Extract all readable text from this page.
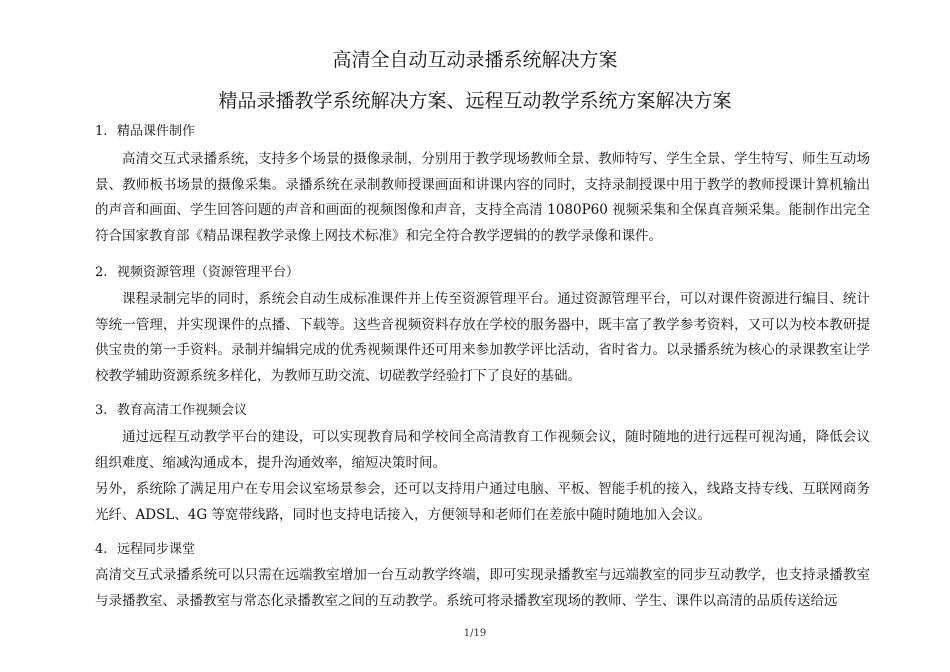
高清全自动互动录播系统解决方案
精品录播教学系统解决方案、远程互动教学系统方案解决方案
1. 精品课件制作
高清交互式录播系统，支持多个场景的摄像录制，分别用于教学现场教师全景、教师特写、学生全景、学生特写、师生互动场景、教师板书场景的摄像采集。录播系统在录制教师授课画面和讲课内容的同时，支持录制授课中用于教学的教师授课计算机输出的声音和画面、学生回答问题的声音和画面的视频图像和声音，支持全高清 1080P60 视频采集和全保真音频采集。能制作出完全符合国家教育部《精品课程教学录像上网技术标准》和完全符合教学逻辑的的教学录像和课件。
2. 视频资源管理（资源管理平台）
课程录制完毕的同时，系统会自动生成标准课件并上传至资源管理平台。通过资源管理平台，可以对课件资源进行编目、统计等统一管理，并实现课件的点播、下载等。这些音视频资料存放在学校的服务器中，既丰富了教学参考资料，又可以为校本教研提供宝贵的第一手资料。录制并编辑完成的优秀视频课件还可用来参加教学评比活动，省时省力。以录播系统为核心的录课教室让学校教学辅助资源系统多样化，为教师互助交流、切磋教学经验打下了良好的基础。
3. 教育高清工作视频会议
通过远程互动教学平台的建设，可以实现教育局和学校间全高清教育工作视频会议，随时随地的进行远程可视沟通，降低会议组织难度、缩减沟通成本，提升沟通效率，缩短决策时间。
另外，系统除了满足用户在专用会议室场景参会，还可以支持用户通过电脑、平板、智能手机的接入，线路支持专线、互联网商务光纤、ADSL、4G 等宽带线路，同时也支持电话接入，方便领导和老师们在差旅中随时随地加入会议。
4. 远程同步课堂
高清交互式录播系统可以只需在远端教室增加一台互动教学终端，即可实现录播教室与远端教室的同步互动教学，也支持录播教室与录播教室、录播教室与常态化录播教室之间的互动教学。系统可将录播教室现场的教师、学生、课件以高清的品质传送给远
1/19
